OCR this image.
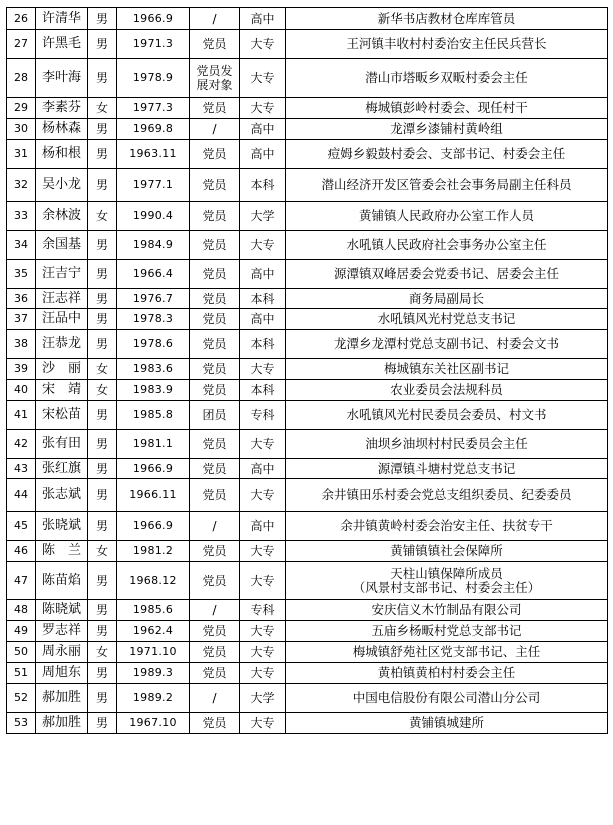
26	许清华	男	1966.9	/	高中	新华书店教材仓库库管员
27	许黑毛	男	1971.3	党员	大专	王河镇丰收村村委治安主任民兵营长
28	李叶海	男	1978.9	党员发展对象	大专	潜山市塔畈乡双畈村委会主任
29	李素芬	女	1977.3	党员	大专	梅城镇彭岭村委会、现任村干
30	杨林森	男	1969.8	/	高中	龙潭乡漆铺村黄岭组
31	杨和根	男	1963.11	党员	高中	痘姆乡毅鼓村委会、支部书记、村委会主任
32	吴小龙	男	1977.1	党员	本科	潜山经济开发区管委会社会事务局副主任科员
33	余林波	女	1990.4	党员	大学	黄铺镇人民政府办公室工作人员
34	余国基	男	1984.9	党员	大专	水吼镇人民政府社会事务办公室主任
35	汪吉宁	男	1966.4	党员	高中	源潭镇双峰居委会党委书记、居委会主任
36	汪志祥	男	1976.7	党员	本科	商务局副局长
37	汪品中	男	1978.3	党员	高中	水吼镇风光村党总支书记
38	汪恭龙	男	1978.6	党员	本科	龙潭乡龙潭村党总支副书记、村委会文书
39	沙　丽	女	1983.6	党员	大专	梅城镇东关社区副书记
40	宋　靖	女	1983.9	党员	本科	农业委员会法规科员
41	宋松苗	男	1985.8	团员	专科	水吼镇风光村民委员会委员、村文书
42	张有田	男	1981.1	党员	大专	油坝乡油坝村村民委员会主任
43	张红旗	男	1966.9	党员	高中	源潭镇斗塘村党总支书记
44	张志斌	男	1966.11	党员	大专	余井镇田乐村委会党总支组织委员、纪委委员
45	张晓斌	男	1966.9	/	高中	余井镇黄岭村委会治安主任、扶贫专干
46	陈　兰	女	1981.2	党员	大专	黄铺镇镇社会保障所
47	陈苗焰	男	1968.12	党员	大专	天柱山镇保障所成员
（风景村支部书记、村委会主任）
48	陈晓斌	男	1985.6	/	专科	安庆信义木竹制品有限公司
49	罗志祥	男	1962.4	党员	大专	五庙乡杨畈村党总支部书记
50	周永丽	女	1971.10	党员	大专	梅城镇舒苑社区党支部书记、主任
51	周旭东	男	1989.3	党员	大专	黄柏镇黄柏村村委会主任
52	郝加胜	男	1989.2	/	大学	中国电信股份有限公司潜山分公司
53	郝加胜	男	1967.10	党员	大专	黄铺镇城建所
